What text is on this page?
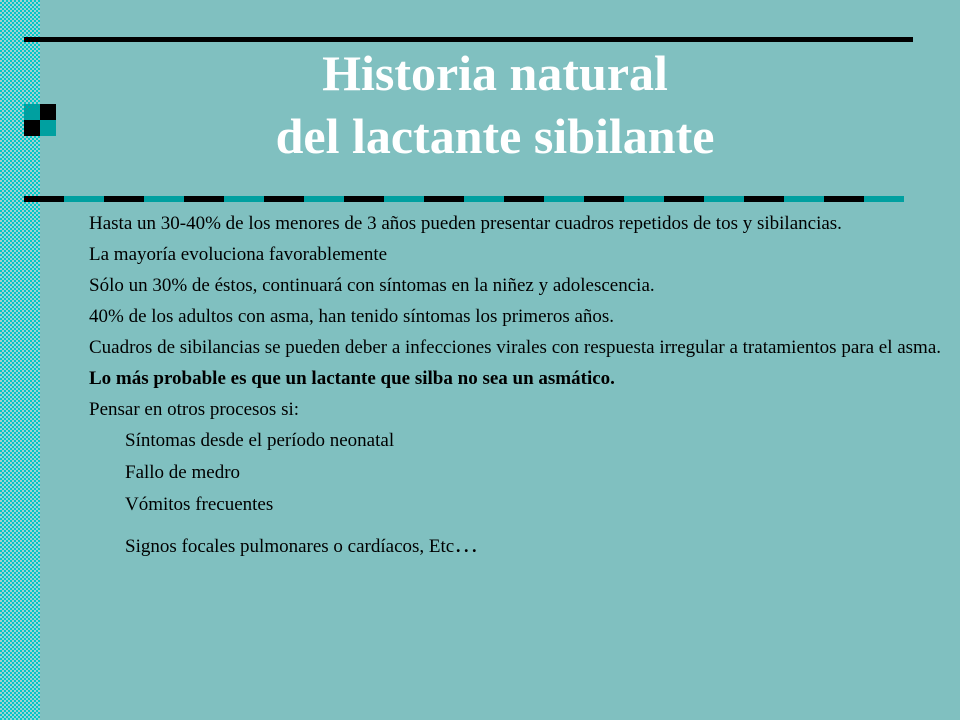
Historia natural
del lactante sibilante

Hasta un 30-40% de los menores de 3 años pueden presentar cuadros repetidos de tos y sibilancias.

La mayoría evoluciona favorablemente

Sólo un 30% de éstos, continuará con síntomas en la niñez y adolescencia.

40% de los adultos con asma, han tenido síntomas los primeros años.

Cuadros de sibilancias se pueden deber a infecciones virales con respuesta irregular a tratamientos para el asma.

Lo más probable es que un lactante que silba no sea un asmático.

Pensar en otros procesos si:

Síntomas desde el período neonatal

Fallo de medro

Vómitos frecuentes

Signos focales pulmonares o cardíacos, Etc…
